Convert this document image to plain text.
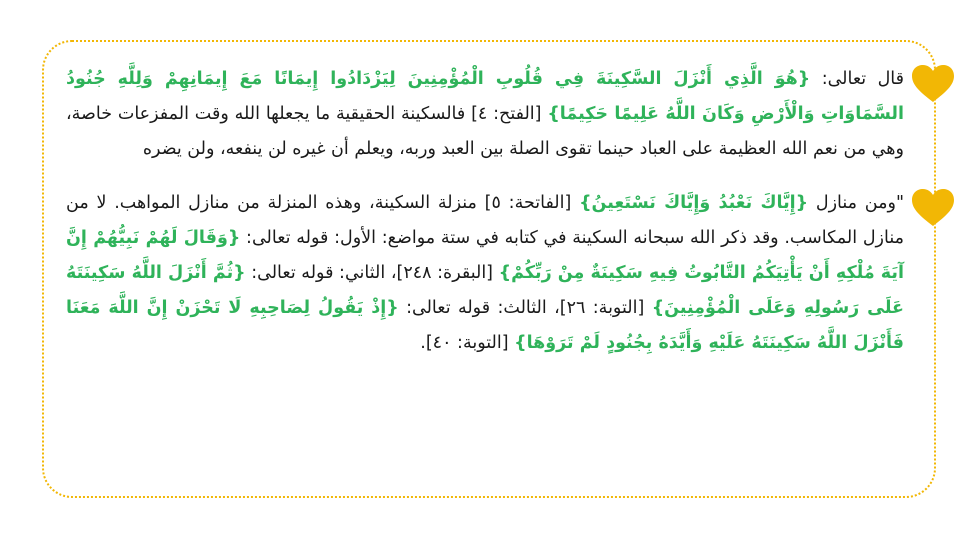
قال تعالى: {هُوَ الَّذِي أَنْزَلَ السَّكِينَةَ فِي قُلُوبِ الْمُؤْمِنِينَ لِيَزْدَادُوا إِيمَانًا مَعَ إِيمَانِهِمْ وَلِلَّهِ جُنُودُ السَّمَاوَاتِ وَالْأَرْضِ وَكَانَ اللَّهُ عَلِيمًا حَكِيمًا} [الفتح: ٤] فالسكينة الحقيقية ما يجعلها الله وقت المفزعات خاصة، وهي من نعم الله العظيمة على العباد حينما تقوى الصلة بين العبد وربه، ويعلم أن غيره لن ينفعه، ولن يضره

"ومن منازل {إِيَّاكَ نَعْبُدُ وَإِيَّاكَ نَسْتَعِينُ} [الفاتحة: ٥] منزلة السكينة، وهذه المنزلة من منازل المواهب. لا من منازل المكاسب. وقد ذكر الله سبحانه السكينة في كتابه في ستة مواضع: الأول: قوله تعالى: {وَقَالَ لَهُمْ نَبِيُّهُمْ إِنَّ آيَةَ مُلْكِهِ أَنْ يَأْتِيَكُمُ التَّابُوتُ فِيهِ سَكِينَةٌ مِنْ رَبِّكُمْ} [البقرة: ٢٤٨]، الثاني: قوله تعالى: {ثُمَّ أَنْزَلَ اللَّهُ سَكِينَتَهُ عَلَى رَسُولِهِ وَعَلَى الْمُؤْمِنِينَ} [التوبة: ٢٦]، الثالث: قوله تعالى: {إِذْ يَقُولُ لِصَاحِبِهِ لَا تَحْزَنْ إِنَّ اللَّهَ مَعَنَا فَأَنْزَلَ اللَّهُ سَكِينَتَهُ عَلَيْهِ وَأَيَّدَهُ بِجُنُودٍ لَمْ تَرَوْهَا} [التوبة: ٤٠].
